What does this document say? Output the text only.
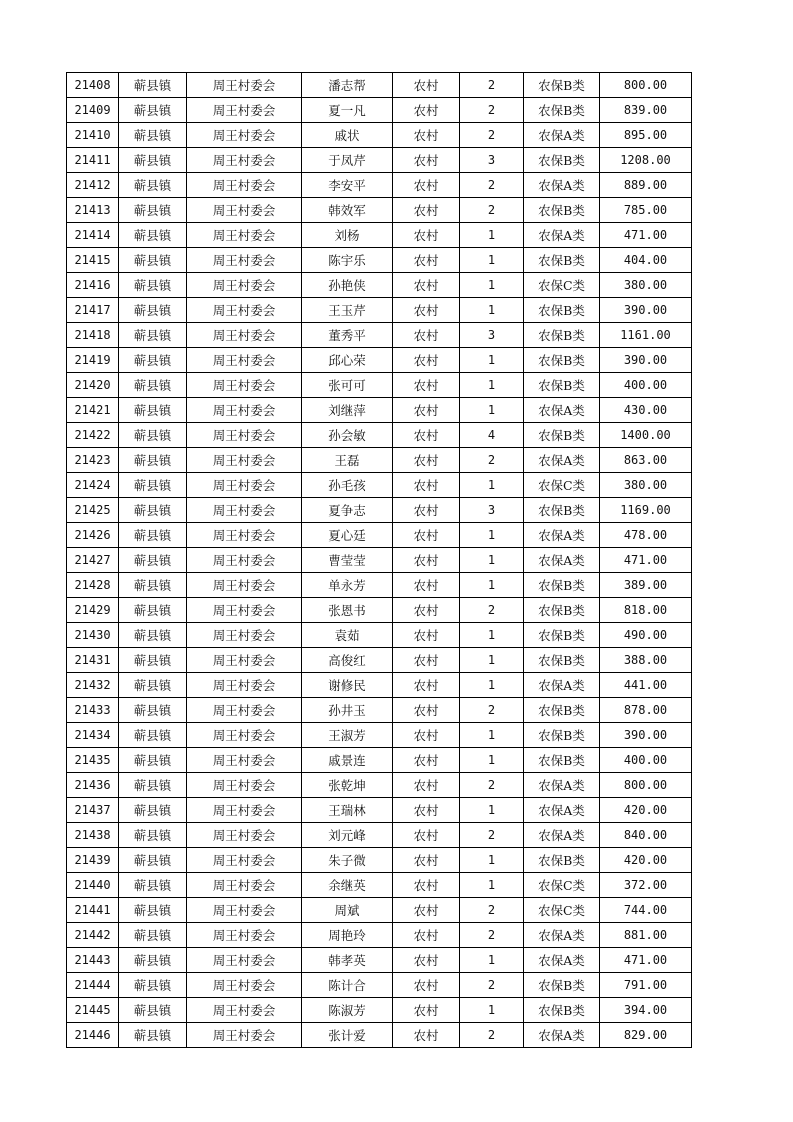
21408	蕲县镇	周王村委会	潘志帮	农村	2	农保B类	800.00
21409	蕲县镇	周王村委会	夏一凡	农村	2	农保B类	839.00
21410	蕲县镇	周王村委会	戚状	农村	2	农保A类	895.00
21411	蕲县镇	周王村委会	于凤芹	农村	3	农保B类	1208.00
21412	蕲县镇	周王村委会	李安平	农村	2	农保A类	889.00
21413	蕲县镇	周王村委会	韩效军	农村	2	农保B类	785.00
21414	蕲县镇	周王村委会	刘杨	农村	1	农保A类	471.00
21415	蕲县镇	周王村委会	陈宇乐	农村	1	农保B类	404.00
21416	蕲县镇	周王村委会	孙艳侠	农村	1	农保C类	380.00
21417	蕲县镇	周王村委会	王玉芹	农村	1	农保B类	390.00
21418	蕲县镇	周王村委会	董秀平	农村	3	农保B类	1161.00
21419	蕲县镇	周王村委会	邱心荣	农村	1	农保B类	390.00
21420	蕲县镇	周王村委会	张可可	农村	1	农保B类	400.00
21421	蕲县镇	周王村委会	刘继萍	农村	1	农保A类	430.00
21422	蕲县镇	周王村委会	孙会敏	农村	4	农保B类	1400.00
21423	蕲县镇	周王村委会	王磊	农村	2	农保A类	863.00
21424	蕲县镇	周王村委会	孙毛孩	农村	1	农保C类	380.00
21425	蕲县镇	周王村委会	夏争志	农村	3	农保B类	1169.00
21426	蕲县镇	周王村委会	夏心廷	农村	1	农保A类	478.00
21427	蕲县镇	周王村委会	曹莹莹	农村	1	农保A类	471.00
21428	蕲县镇	周王村委会	单永芳	农村	1	农保B类	389.00
21429	蕲县镇	周王村委会	张恩书	农村	2	农保B类	818.00
21430	蕲县镇	周王村委会	袁茹	农村	1	农保B类	490.00
21431	蕲县镇	周王村委会	高俊红	农村	1	农保B类	388.00
21432	蕲县镇	周王村委会	谢修民	农村	1	农保A类	441.00
21433	蕲县镇	周王村委会	孙井玉	农村	2	农保B类	878.00
21434	蕲县镇	周王村委会	王淑芳	农村	1	农保B类	390.00
21435	蕲县镇	周王村委会	戚景连	农村	1	农保B类	400.00
21436	蕲县镇	周王村委会	张乾坤	农村	2	农保A类	800.00
21437	蕲县镇	周王村委会	王瑞林	农村	1	农保A类	420.00
21438	蕲县镇	周王村委会	刘元峰	农村	2	农保A类	840.00
21439	蕲县镇	周王村委会	朱子微	农村	1	农保B类	420.00
21440	蕲县镇	周王村委会	余继英	农村	1	农保C类	372.00
21441	蕲县镇	周王村委会	周斌	农村	2	农保C类	744.00
21442	蕲县镇	周王村委会	周艳玲	农村	2	农保A类	881.00
21443	蕲县镇	周王村委会	韩孝英	农村	1	农保A类	471.00
21444	蕲县镇	周王村委会	陈计合	农村	2	农保B类	791.00
21445	蕲县镇	周王村委会	陈淑芳	农村	1	农保B类	394.00
21446	蕲县镇	周王村委会	张计爱	农村	2	农保A类	829.00
